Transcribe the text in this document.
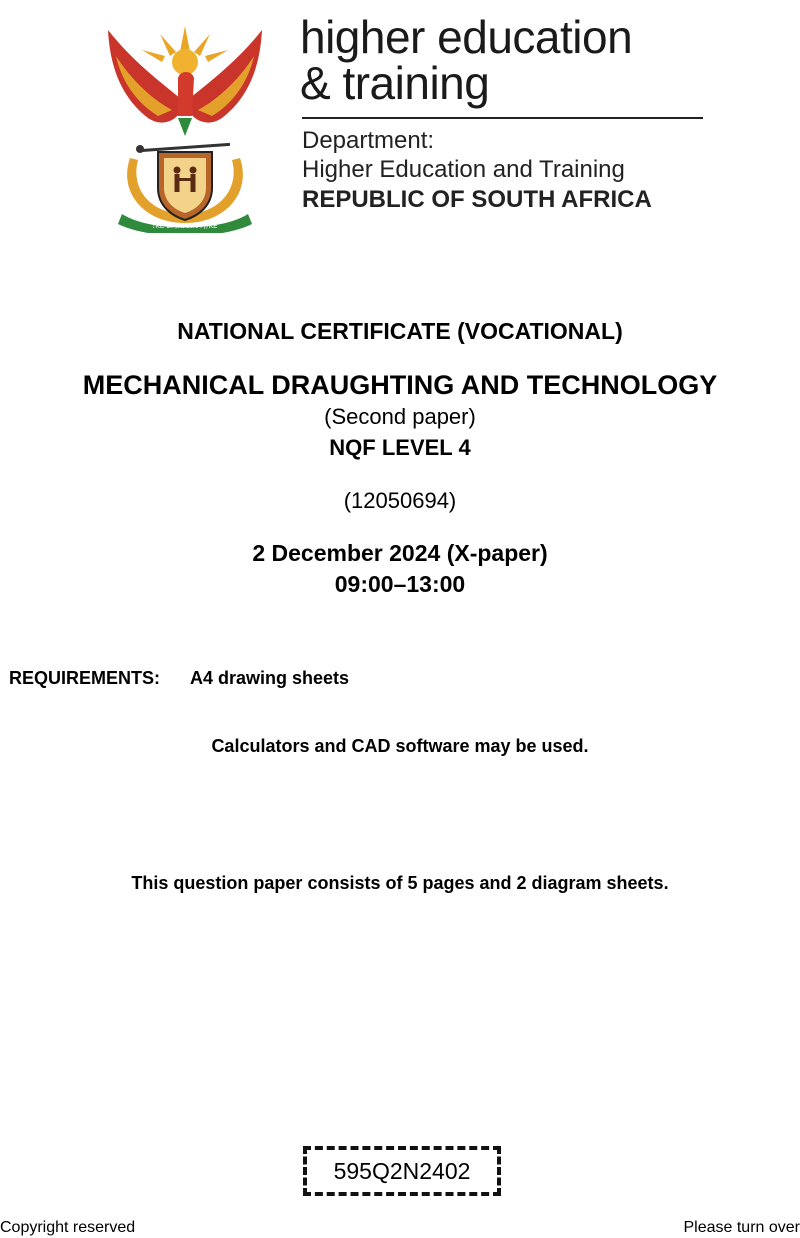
!KE E: /XARRA //KE
higher education
& training
Department:
Higher Education and Training
REPUBLIC OF SOUTH AFRICA
NATIONAL CERTIFICATE (VOCATIONAL)
MECHANICAL DRAUGHTING AND TECHNOLOGY
(Second paper)
NQF LEVEL 4
(12050694)
2 December 2024 (X-paper)
09:00–13:00
REQUIREMENTS: A4 drawing sheets
Calculators and CAD software may be used.
This question paper consists of 5 pages and 2 diagram sheets.
595Q2N2402
Copyright reserved	Please turn over
